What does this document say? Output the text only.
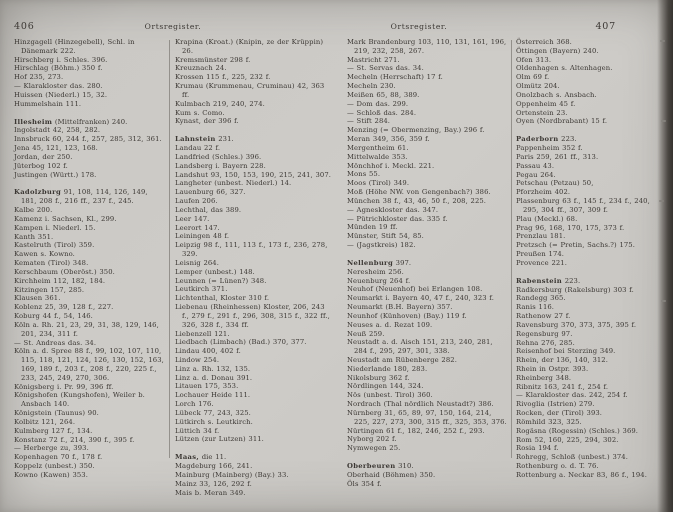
406	Ortsregister.	Ortsregister.	407
Hinzgagell (Hinzegebell), Schl. in Dänemark 222.
Hirschberg i. Schles. 396.
Hirschlag (Böhm.) 350 f.
Hof 235, 273.
— Klarakloster das. 280.
Huissen (Niederl.) 15, 32.
Hummelshain 111.
Illesheim (Mittelfranken) 240.
Ingolstadt 42, 258, 282.
Innsbruck 60, 244 f., 257, 285, 312, 361.
Jena 45, 121, 123, 168.
Jordan, der 250.
Jüterbog 102 f.
Justingen (Württ.) 178.
Kadolzburg 91, 108, 114, 126, 149, 181, 208 f., 216 ff., 237 f., 245.
Kalbe 200.
Kamenz i. Sachsen, Kl., 299.
Kampen i. Niederl. 15.
Kanth 351.
Kastelruth (Tirol) 359.
Kawen s. Kowno.
Kematen (Tirol) 348.
Kerschbaum (Oberöst.) 350.
Kirchheim 112, 182, 184.
Kitzingen 157, 285.
Klausen 361.
Koblenz 25, 39, 128 f., 227.
Koburg 44 f., 54, 146.
Köln a. Rh. 21, 23, 29, 31, 38, 129, 146, 201, 234, 311 f.
— St. Andreas das. 34.
Köln a. d. Spree 88 f., 99, 102, 107, 110, 115, 118, 121, 124, 126, 130, 152, 163, 169, 189 f., 203 f., 208 f., 220, 225 f., 233, 245, 249, 270, 306.
Königsberg i. Pr. 99, 396 ff.
Königshofen (Kungshofen), Weiler b. Ansbach 140.
Königstein (Taunus) 90.
Kolbitz 121, 264.
Kulmberg 127 f., 134.
Konstanz 72 f., 214, 390 f., 395 f.
— Herberge zu, 393.
Kopenhagen 70 f., 178 f.
Koppelz (unbest.) 350.
Kowno (Kawen) 353.
Krapina (Kroat.) (Knipin, ze der Krüppin) 26.
Kremsmünster 298 f.
Kreuznach 24.
Krossen 115 f., 225, 232 f.
Krumau (Krummenau, Cruminau) 42, 363 ff.
Kulmbach 219, 240, 274.
Kum s. Como.
Kynast, der 396 f.
Lahnstein 231.
Landau 22 f.
Landfried (Schles.) 396.
Landsberg i. Bayern 228.
Landshut 93, 150, 153, 190, 215, 241, 307.
Langheter (unbest. Niederl.) 14.
Lauenburg 66, 327.
Laufen 206.
Lechthal, das 389.
Leer 147.
Leerort 147.
Leiningen 48 f.
Leipzig 98 f., 111, 113 f., 173 f., 236, 278, 329.
Leisnig 264.
Lemper (unbest.) 148.
Leunnen (= Lünen?) 348.
Leutkirch 371.
Lichtenthal, Kloster 310 f.
Liebenau (Rheinhessen) Kloster, 206, 243 f., 279 f., 291 f., 296, 308, 315 f., 322 ff., 326, 328 f., 334 ff.
Liebenzell 121.
Liedbach (Limbach) (Bad.) 370, 377.
Lindau 400, 402 f.
Lindow 254.
Linz a. Rh. 132, 135.
Linz a. d. Donau 391.
Litauen 175, 353.
Lochauer Heide 111.
Lorch 176.
Lübeck 77, 243, 325.
Lütkirch s. Leutkirch.
Lüttich 34 f.
Lützen (zur Lutzen) 311.
Maas, die 11.
Magdeburg 166, 241.
Mainburg (Mainberg) (Bay.) 33.
Mainz 33, 126, 292 f.
Mais b. Meran 349.
Mark Brandenburg 103, 110, 131, 161, 196, 219, 232, 258, 267.
Mastricht 271.
— St. Servas das. 34.
Mecheln (Herrschaft) 17 f.
Mecheln 230.
Meißen 65, 88, 389.
— Dom das. 299.
— Schloß das. 284.
— Stift 284.
Menzing (= Obermenzing, Bay.) 296 f.
Meran 349, 356, 359 f.
Mergentheim 61.
Mittelwalde 353.
Mönchhof i. Meckl. 221.
Mons 55.
Moos (Tirol) 349.
Moß (Höhe NW. von Gengenbach?) 386.
München 38 f., 43, 46, 50 f., 208, 225.
— Agneskloster das. 347.
— Pütrichkloster das. 335 f.
Münden 19 ff.
Münster, Stift 54, 85.
— (Jagstkreis) 182.
Nellenburg 397.
Neresheim 256.
Neuenburg 264 f.
Neuhof (Neuenhof) bei Erlangen 108.
Neumarkt i. Bayern 40, 47 f., 240, 323 f.
Neumarkt (B.H. Bayern) 357.
Neunhof (Künhoven) (Bay.) 119 f.
Neuses a. d. Rezat 109.
Neuß 259.
Neustadt a. d. Aisch 151, 213, 240, 281, 284 f., 295, 297, 301, 338.
Neustadt am Rübenberge 282.
Niederlande 180, 283.
Nikolsburg 362 f.
Nördlingen 144, 324.
Nös (unbest. Tirol) 360.
Nordrach (Thal nördlich Neustadt?) 386.
Nürnberg 31, 65, 89, 97, 150, 164, 214, 225, 227, 273, 300, 315 ff., 325, 353, 376.
Nürtingen 61 f., 182, 246, 252 f., 293.
Nyborg 202 f.
Nymwegen 25.
Oberbeuren 310.
Oberhaid (Böhmen) 350.
Öls 354 f.
Österreich 368.
Öttingen (Bayern) 240.
Ofen 313.
Oldenhagen s. Altenhagen.
Olm 69 f.
Olmütz 204.
Onolzbach s. Ansbach.
Oppenheim 45 f.
Ortenstein 23.
Oyen (Nordbrabant) 15 f.
Paderborn 223.
Pappenheim 352 f.
Paris 259, 261 ff., 313.
Passau 43.
Pegau 264.
Petschau (Petzau) 50,
Pforzheim 402.
Plassenburg 63 f., 145 f., 234 f., 240, 295, 304 ff., 307, 309 f.
Plau (Meckl.) 68.
Prag 96, 168, 170, 175, 373 f.
Prenzlau 181.
Pretzsch (= Pretin, Sachs.?) 175.
Preußen 174.
Provence 221.
Rabenstein 223.
Radkersburg (Rakelsburg) 303 f.
Randegg 365.
Ranis 116.
Rathenow 27 f.
Ravensburg 370, 373, 375, 395 f.
Regensburg 97.
Rehna 276, 285.
Reisenhof bei Sterzing 349.
Rhein, der 136, 140, 312.
Rhein in Ostpr. 393.
Rheinberg 348.
Ribnitz 163, 241 f., 254 f.
— Klarakloster das. 242, 254 f.
Rivoglia (Istrien) 279.
Rocken, der (Tirol) 393.
Römhild 323, 325.
Rogäsna (Rogessin) (Schles.) 369.
Rom 52, 160, 225, 294, 302.
Rosia 194 f.
Rohregg, Schloß (unbest.) 374.
Rothenburg o. d. T. 76.
Rottenburg a. Neckar 83, 86 f., 194.
